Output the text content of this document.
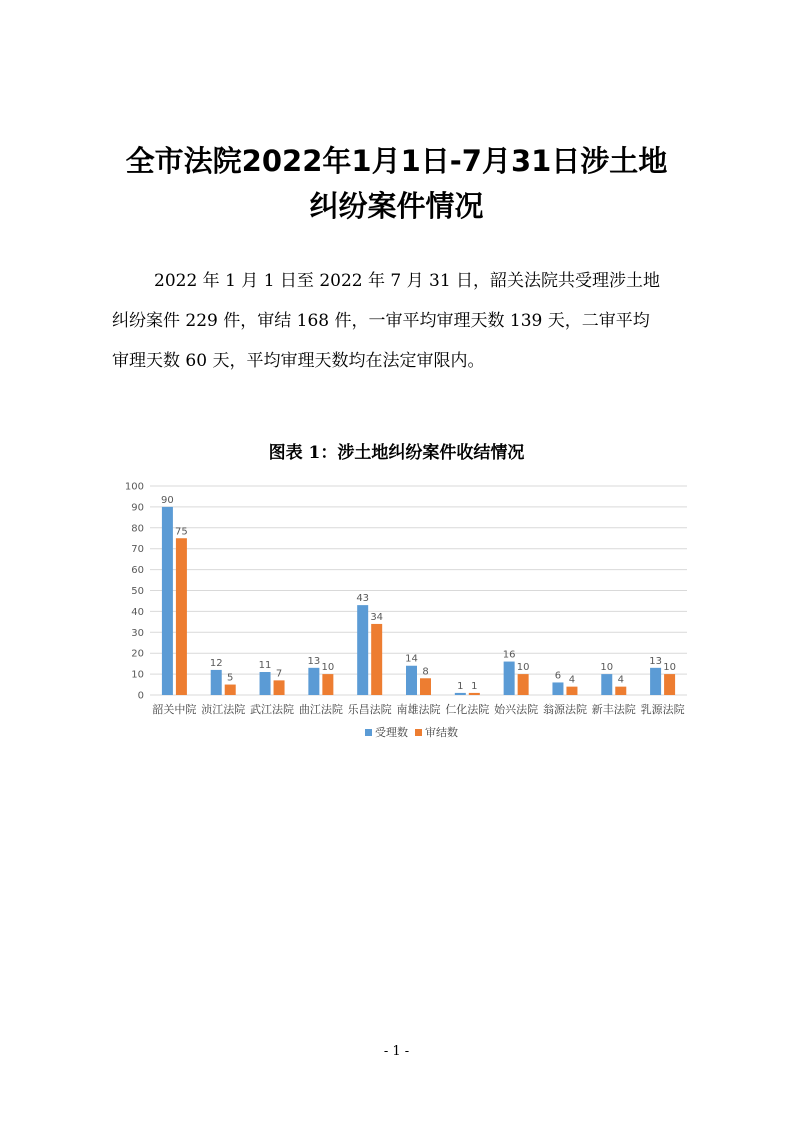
全市法院2022年1月1日-7月31日涉土地
纠纷案件情况

2022 年 1 月 1 日至 2022 年 7 月 31 日，韶关法院共受理涉土地
纠纷案件 229 件，审结 168 件，一审平均审理天数 139 天，二审平均
审理天数 60 天，平均审理天数均在法定审限内。

图表 1：涉土地纠纷案件收结情况
0
10
20
30
40
50
60
70
80
90
100
90
75
韶关中院
12
5
浈江法院
11
7
武江法院
13
10
曲江法院
43
34
乐昌法院
14
8
南雄法院
1 1
仁化法院
16
10
始兴法院
6 4
翁源法院
10
4
新丰法院
13
10
乳源法院
受理数 审结数
- 1 -
